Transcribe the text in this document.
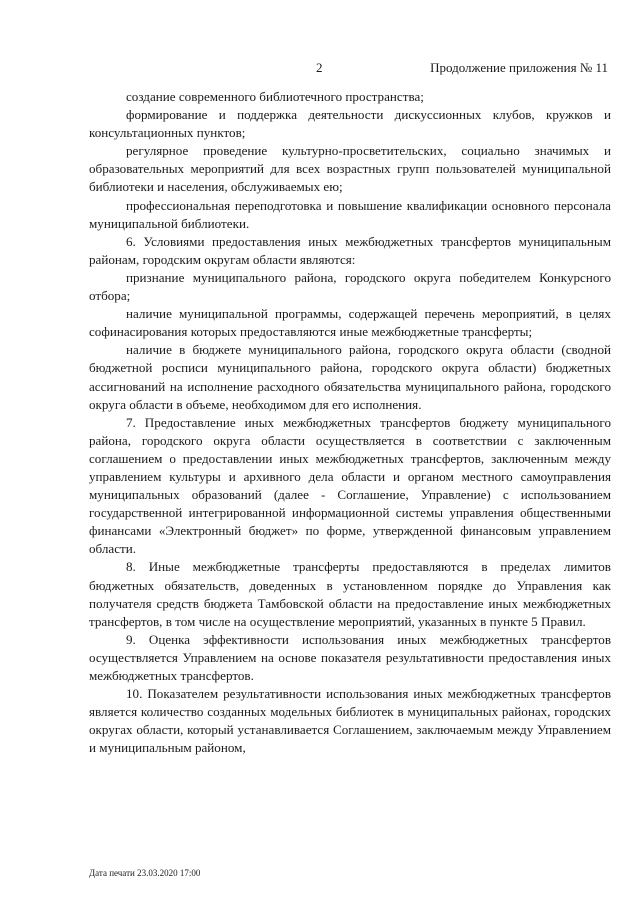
2	Продолжение приложения № 11

создание современного библиотечного пространства;

формирование и поддержка деятельности дискуссионных клубов, кружков и консультационных пунктов;

регулярное проведение культурно-просветительских, социально значимых и образовательных мероприятий для всех возрастных групп пользователей муниципальной библиотеки и населения, обслуживаемых ею;

профессиональная переподготовка и повышение квалификации основного персонала муниципальной библиотеки.

6. Условиями предоставления иных межбюджетных трансфертов муниципальным районам, городским округам области являются:

признание муниципального района, городского округа победителем Конкурсного отбора;

наличие муниципальной программы, содержащей перечень мероприятий, в целях софинасирования которых предоставляются иные межбюджетные трансферты;

наличие в бюджете муниципального района, городского округа области (сводной бюджетной росписи муниципального района, городского округа области) бюджетных ассигнований на исполнение расходного обязательства муниципального района, городского округа области в объеме, необходимом для его исполнения.

7. Предоставление иных межбюджетных трансфертов бюджету муниципального района, городского округа области осуществляется в соответствии с заключенным соглашением о предоставлении иных межбюджетных трансфертов, заключенным между управлением культуры и архивного дела области и органом местного самоуправления муниципальных образований (далее - Соглашение, Управление) с использованием государственной интегрированной информационной системы управления общественными финансами «Электронный бюджет» по форме, утвержденной финансовым управлением области.

8. Иные межбюджетные трансферты предоставляются в пределах лимитов бюджетных обязательств, доведенных в установленном порядке до Управления как получателя средств бюджета Тамбовской области на предоставление иных межбюджетных трансфертов, в том числе на осуществление мероприятий, указанных в пункте 5 Правил.

9. Оценка эффективности использования иных межбюджетных трансфертов осуществляется Управлением на основе показателя результативности предоставления иных межбюджетных трансфертов.

10. Показателем результативности использования иных межбюджетных трансфертов является количество созданных модельных библиотек в муниципальных районах, городских округах области, который устанавливается Соглашением, заключаемым между Управлением и муниципальным районом,

Дата печати 23.03.2020 17:00
